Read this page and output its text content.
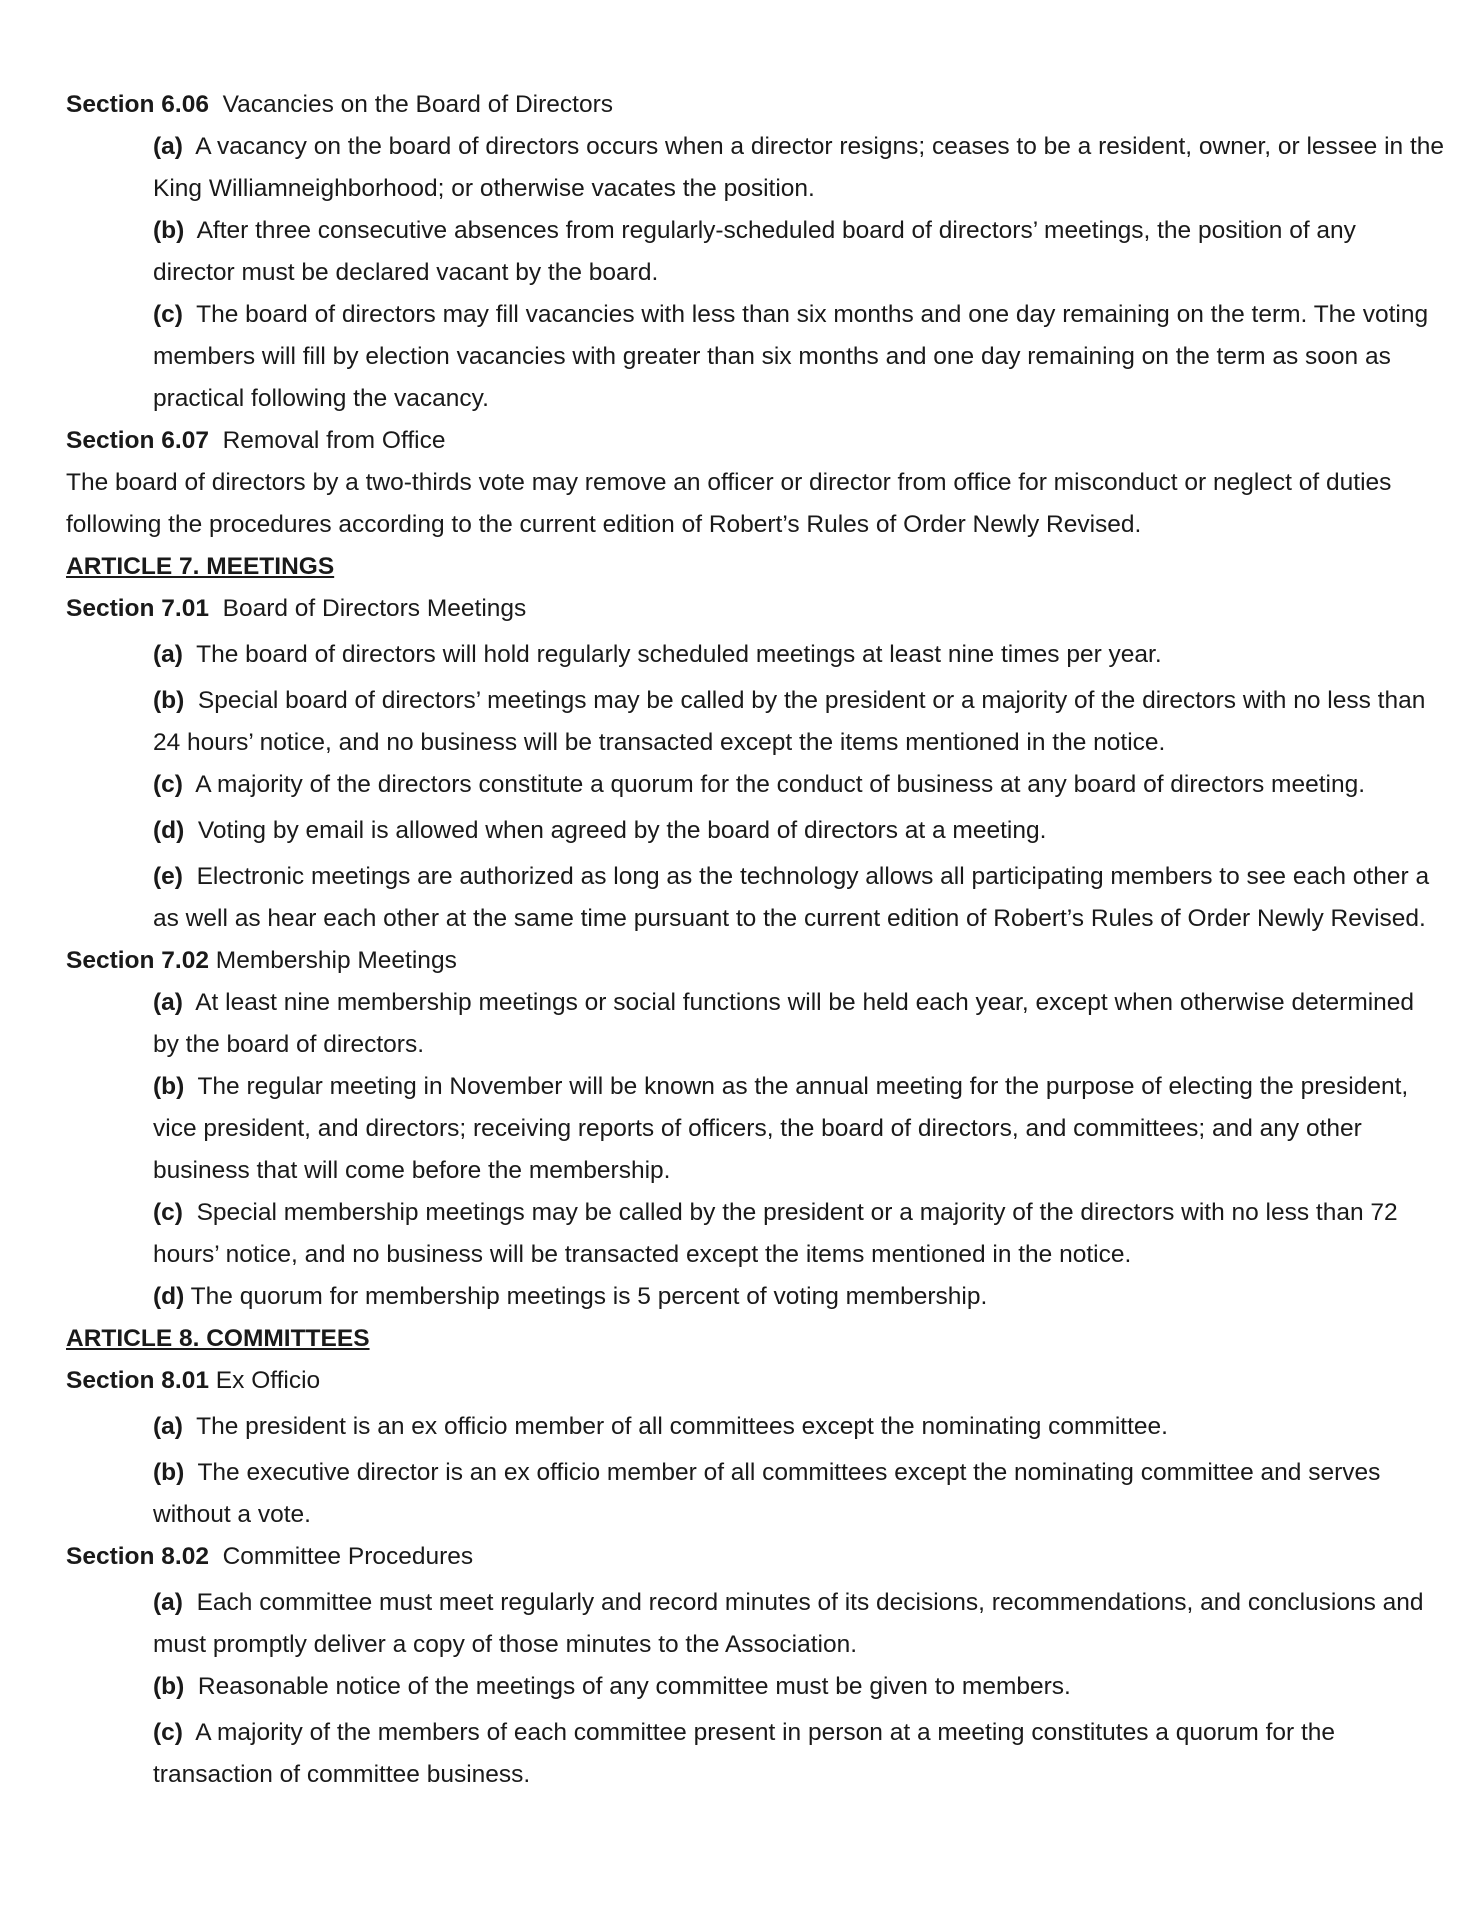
Section 6.06 Vacancies on the Board of Directors
(a) A vacancy on the board of directors occurs when a director resigns; ceases to be a resident, owner, or lessee in the
King Williamneighborhood; or otherwise vacates the position.
(b) After three consecutive absences from regularly-scheduled board of directors’ meetings, the position of any
director must be declared vacant by the board.
(c) The board of directors may fill vacancies with less than six months and one day remaining on the term. The voting
members will fill by election vacancies with greater than six months and one day remaining on the term as soon as
practical following the vacancy.
Section 6.07 Removal from Office
The board of directors by a two-thirds vote may remove an officer or director from office for misconduct or neglect of duties
following the procedures according to the current edition of Robert’s Rules of Order Newly Revised.
ARTICLE 7. MEETINGS
Section 7.01 Board of Directors Meetings
(a) The board of directors will hold regularly scheduled meetings at least nine times per year.
(b) Special board of directors’ meetings may be called by the president or a majority of the directors with no less than
24 hours’ notice, and no business will be transacted except the items mentioned in the notice.
(c) A majority of the directors constitute a quorum for the conduct of business at any board of directors meeting.
(d) Voting by email is allowed when agreed by the board of directors at a meeting.
(e) Electronic meetings are authorized as long as the technology allows all participating members to see each other a
as well as hear each other at the same time pursuant to the current edition of Robert’s Rules of Order Newly Revised.
Section 7.02 Membership Meetings
(a) At least nine membership meetings or social functions will be held each year, except when otherwise determined
by the board of directors.
(b) The regular meeting in November will be known as the annual meeting for the purpose of electing the president,
vice president, and directors; receiving reports of officers, the board of directors, and committees; and any other
business that will come before the membership.
(c) Special membership meetings may be called by the president or a majority of the directors with no less than 72
hours’ notice, and no business will be transacted except the items mentioned in the notice.
(d) The quorum for membership meetings is 5 percent of voting membership.
ARTICLE 8. COMMITTEES
Section 8.01 Ex Officio
(a) The president is an ex officio member of all committees except the nominating committee.
(b) The executive director is an ex officio member of all committees except the nominating committee and serves
without a vote.
Section 8.02 Committee Procedures
(a) Each committee must meet regularly and record minutes of its decisions, recommendations, and conclusions and
must promptly deliver a copy of those minutes to the Association.
(b) Reasonable notice of the meetings of any committee must be given to members.
(c) A majority of the members of each committee present in person at a meeting constitutes a quorum for the
transaction of committee business.
